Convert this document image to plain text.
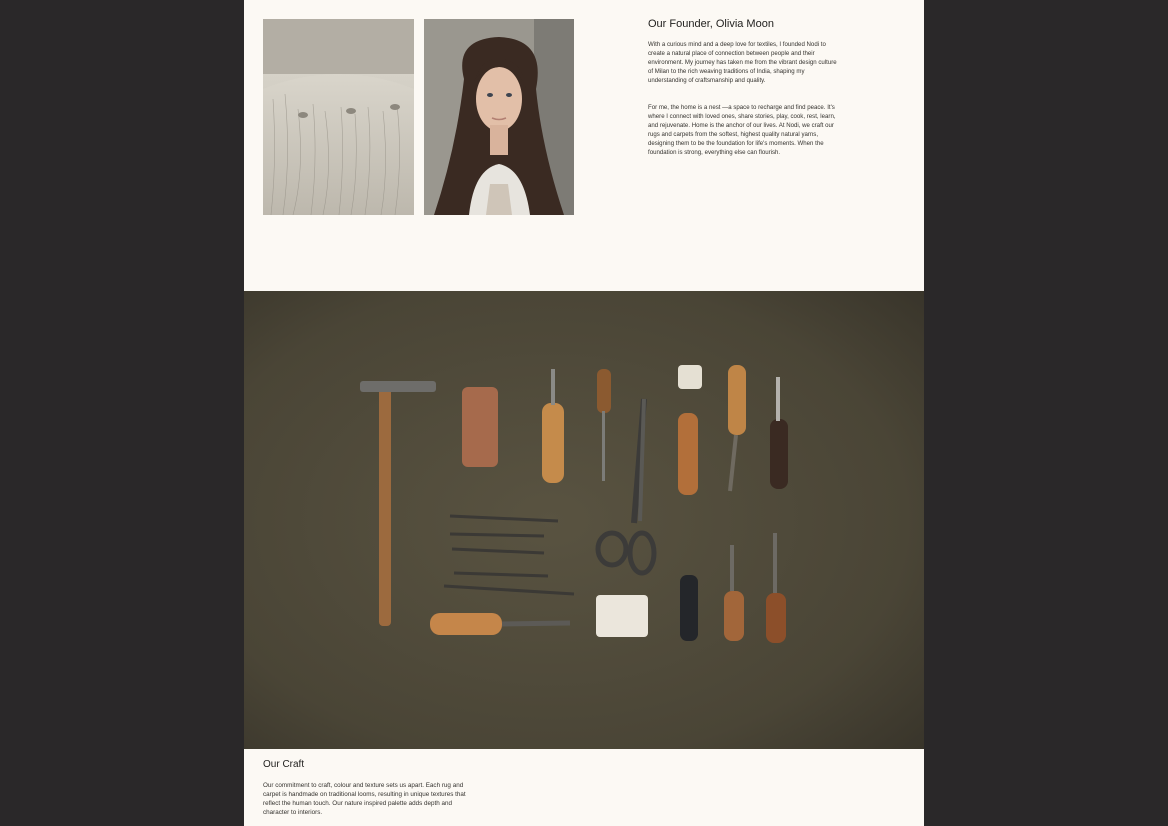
Our Founder, Olivia Moon

With a curious mind and a deep love for textiles, I founded Nodi to create a natural place of connection between people and their environment. My journey has taken me from the vibrant design culture of Milan to the rich weaving traditions of India, shaping my understanding of craftsmanship and quality.

For me, the home is a nest —a space to recharge and find peace. It's where I connect with loved ones, share stories, play, cook, rest, learn, and rejuvenate. Home is the anchor of our lives. At Nodi, we craft our rugs and carpets from the softest, highest quality natural yarns, designing them to be the foundation for life's moments. When the foundation is strong, everything else can flourish.

Our Craft

Our commitment to craft, colour and texture sets us apart. Each rug and carpet is handmade on traditional looms, resulting in unique textures that reflect the human touch. Our nature inspired palette adds depth and character to interiors.
